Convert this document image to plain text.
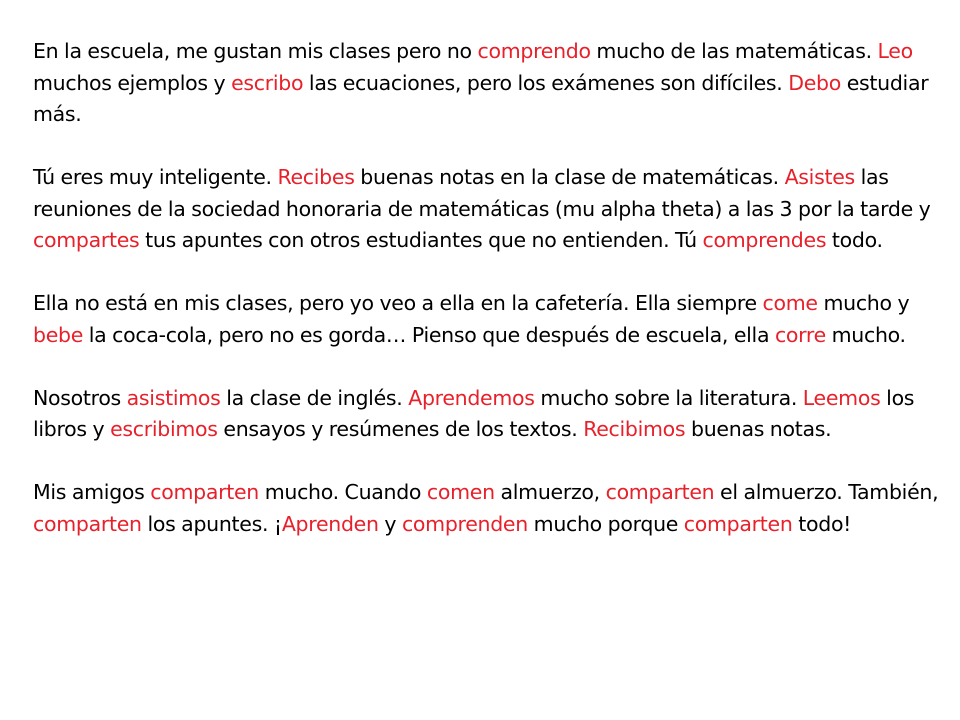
En la escuela, me gustan mis clases pero no comprendo mucho de las matemáticas. Leo muchos ejemplos y escribo las ecuaciones, pero los exámenes son difíciles. Debo estudiar más.

Tú eres muy inteligente. Recibes buenas notas en la clase de matemáticas. Asistes las reuniones de la sociedad honoraria de matemáticas (mu alpha theta) a las 3 por la tarde y compartes tus apuntes con otros estudiantes que no entienden. Tú comprendes todo.

Ella no está en mis clases, pero yo veo a ella en la cafetería. Ella siempre come mucho y bebe la coca-cola, pero no es gorda… Pienso que después de escuela, ella corre mucho.

Nosotros asistimos la clase de inglés. Aprendemos mucho sobre la literatura. Leemos los libros y escribimos ensayos y resúmenes de los textos. Recibimos buenas notas.

Mis amigos comparten mucho. Cuando comen almuerzo, comparten el almuerzo. También, comparten los apuntes. ¡Aprenden y comprenden mucho porque comparten todo!
